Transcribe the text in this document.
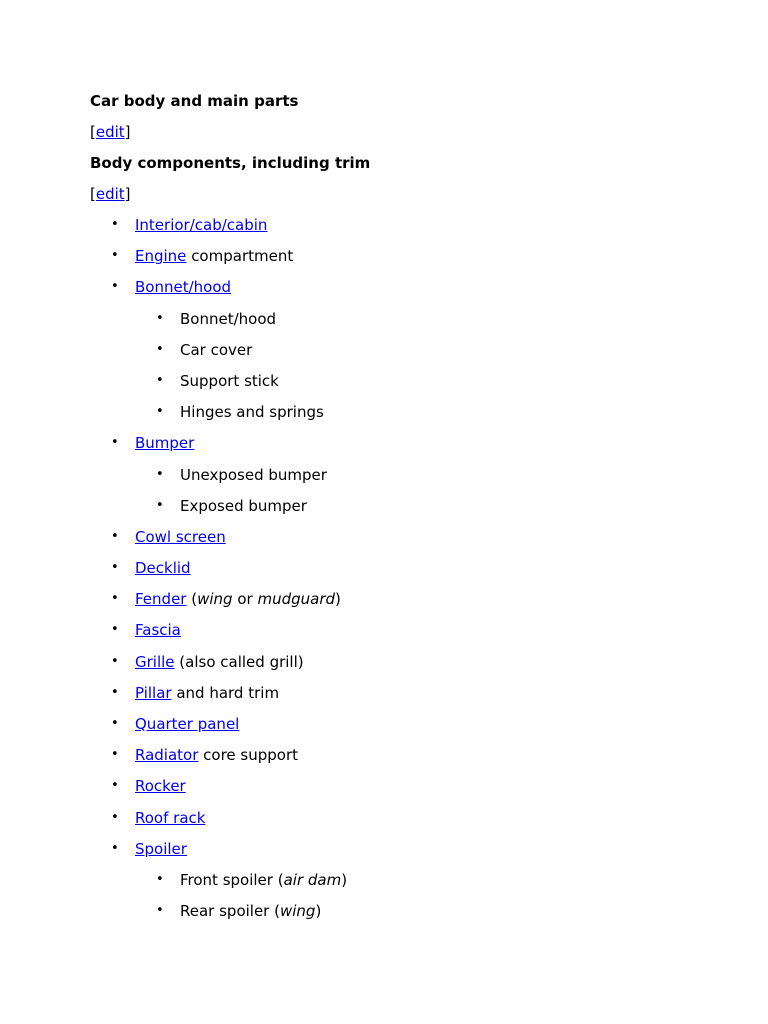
Car body and main parts
[edit]
Body components, including trim
[edit]
• Interior/cab/cabin
• Engine compartment
• Bonnet/hood
• Bonnet/hood
• Car cover
• Support stick
• Hinges and springs
• Bumper
• Unexposed bumper
• Exposed bumper
• Cowl screen
• Decklid
• Fender (wing or mudguard)
• Fascia
• Grille (also called grill)
• Pillar and hard trim
• Quarter panel
• Radiator core support
• Rocker
• Roof rack
• Spoiler
• Front spoiler (air dam)
• Rear spoiler (wing)
